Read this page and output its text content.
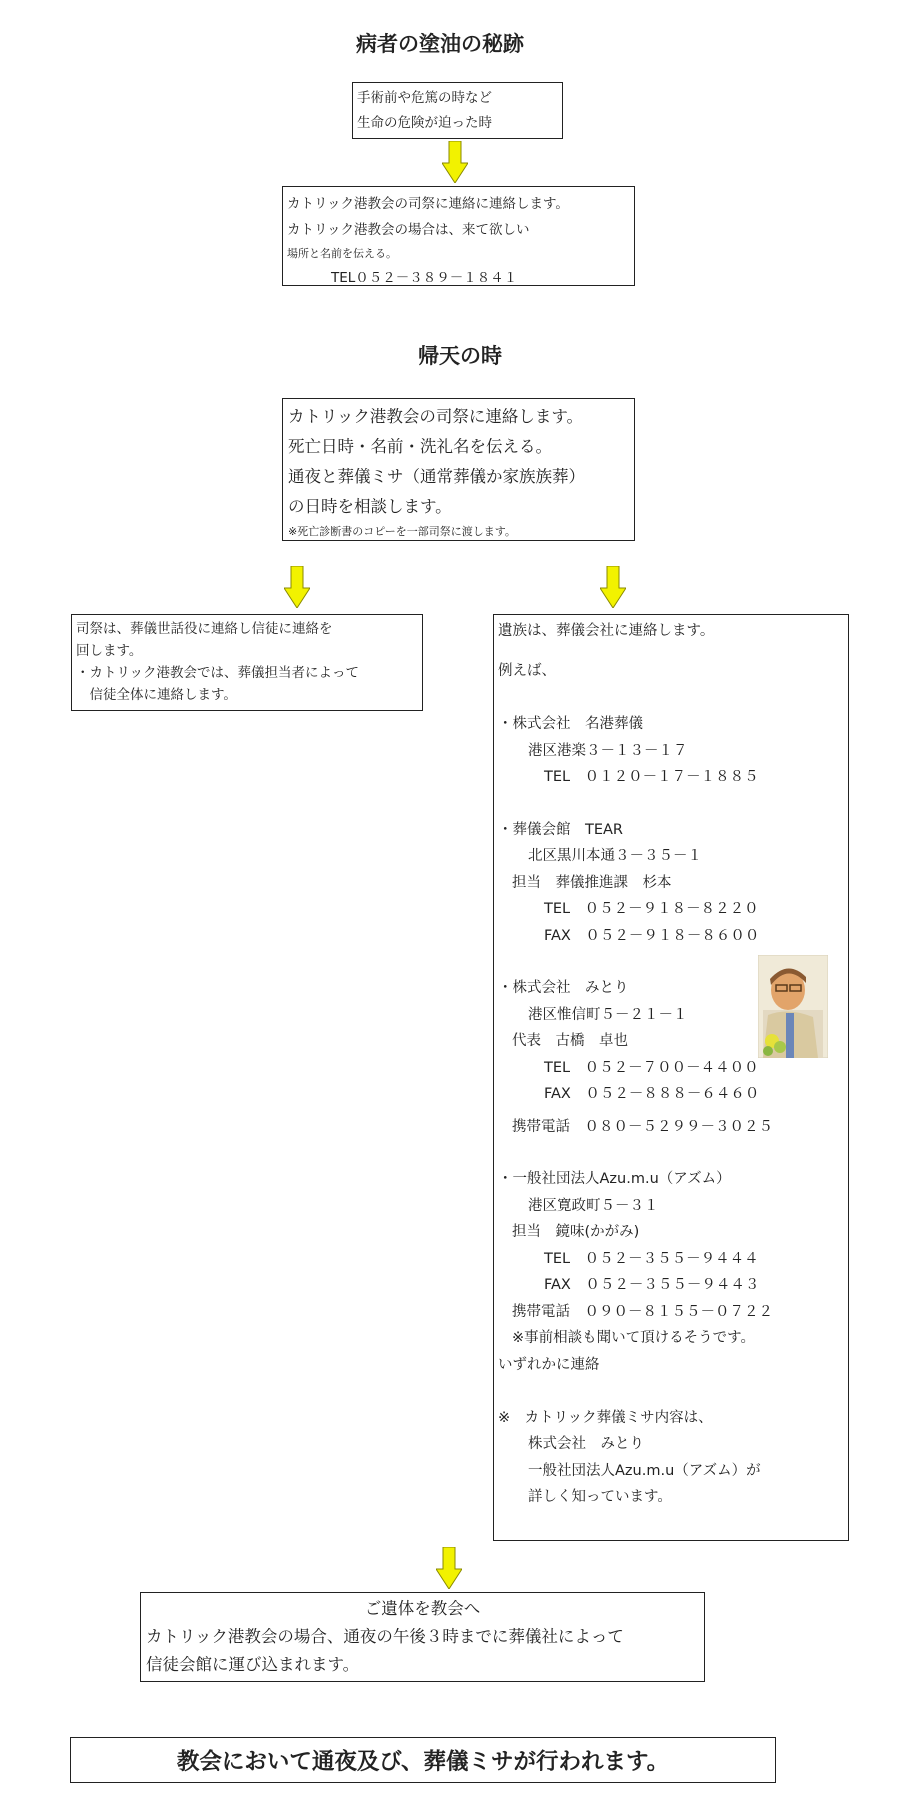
病者の塗油の秘跡
手術前や危篤の時など
生命の危険が迫った時
カトリック港教会の司祭に連絡に連絡します。
カトリック港教会の場合は、来て欲しい
場所と名前を伝える。
TEL０５２－３８９－１８４１
帰天の時
カトリック港教会の司祭に連絡します。
死亡日時・名前・洗礼名を伝える。
通夜と葬儀ミサ（通常葬儀か家族族葬）
の日時を相談します。
※死亡診断書のコピーを一部司祭に渡します。
司祭は、葬儀世話役に連絡し信徒に連絡を
回します。
・カトリック港教会では、葬儀担当者によって
　信徒全体に連絡します。
遺族は、葬儀会社に連絡します。
例えば、
・株式会社　名港葬儀
港区港楽３－１３－１７
TEL　０１２０－１７－１８８５
・葬儀会館　TEAR
北区黒川本通３－３５－１
担当　葬儀推進課　杉本
TEL　０５２－９１８－８２２０
FAX　０５２－９１８－８６００
・株式会社　みとり
港区惟信町５－２１－１
代表　古橋　卓也
TEL　０５２－７００－４４００
FAX　０５２－８８８－６４６０
携帯電話　０８０－５２９９－３０２５
・一般社団法人Azu.m.u（アズム）
港区寛政町５－３１
担当　鏡味(かがみ)
TEL　０５２－３５５－９４４４
FAX　０５２－３５５－９４４３
携帯電話　０９０－８１５５－０７２２
※事前相談も聞いて頂けるそうです。
いずれかに連絡
※　カトリック葬儀ミサ内容は、
株式会社　みとり
一般社団法人Azu.m.u（アズム）が
詳しく知っています。
ご遺体を教会へ
カトリック港教会の場合、通夜の午後３時までに葬儀社によって
信徒会館に運び込まれます。
教会において通夜及び、葬儀ミサが行われます。
